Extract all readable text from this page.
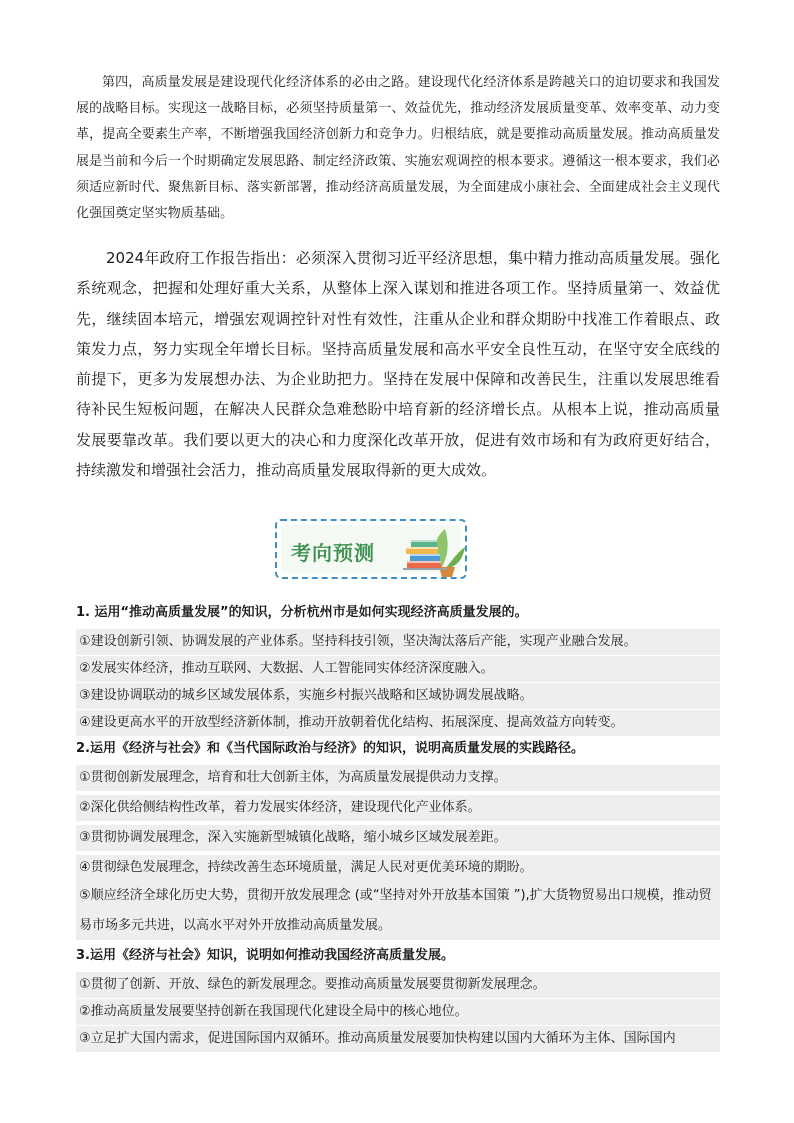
第四，高质量发展是建设现代化经济体系的必由之路。建设现代化经济体系是跨越关口的迫切要求和我国发展的战略目标。实现这一战略目标，必须坚持质量第一、效益优先，推动经济发展质量变革、效率变革、动力变革，提高全要素生产率，不断增强我国经济创新力和竞争力。归根结底，就是要推动高质量发展。推动高质量发展是当前和今后一个时期确定发展思路、制定经济政策、实施宏观调控的根本要求。遵循这一根本要求，我们必须适应新时代、聚焦新目标、落实新部署，推动经济高质量发展，为全面建成小康社会、全面建成社会主义现代化强国奠定坚实物质基础。

2024年政府工作报告指出：必须深入贯彻习近平经济思想，集中精力推动高质量发展。强化系统观念，把握和处理好重大关系，从整体上深入谋划和推进各项工作。坚持质量第一、效益优先，继续固本培元，增强宏观调控针对性有效性，注重从企业和群众期盼中找准工作着眼点、政策发力点，努力实现全年增长目标。坚持高质量发展和高水平安全良性互动，在坚守安全底线的前提下，更多为发展想办法、为企业助把力。坚持在发展中保障和改善民生，注重以发展思维看待补民生短板问题，在解决人民群众急难愁盼中培育新的经济增长点。从根本上说，推动高质量发展要靠改革。我们要以更大的决心和力度深化改革开放，促进有效市场和有为政府更好结合，持续激发和增强社会活力，推动高质量发展取得新的更大成效。

考向预测
1. 运用“推动高质量发展”的知识，分析杭州市是如何实现经济高质量发展的。
①建设创新引领、协调发展的产业体系。坚持科技引领，坚决淘汰落后产能，实现产业融合发展。
②发展实体经济，推动互联网、大数据、人工智能同实体经济深度融入。
③建设协调联动的城乡区域发展体系，实施乡村振兴战略和区域协调发展战略。
④建设更高水平的开放型经济新体制，推动开放朝着优化结构、拓展深度、提高效益方向转变。
2.运用《经济与社会》和《当代国际政治与经济》的知识，说明高质量发展的实践路径。
①贯彻创新发展理念，培育和壮大创新主体，为高质量发展提供动力支撑。
②深化供给侧结构性改革，着力发展实体经济，建设现代化产业体系。
③贯彻协调发展理念，深入实施新型城镇化战略，缩小城乡区域发展差距。
④贯彻绿色发展理念，持续改善生态环境质量，满足人民对更优美环境的期盼。
⑤顺应经济全球化历史大势，贯彻开放发展理念 (或“坚持对外开放基本国策 ”),扩大货物贸易出口规模，推动贸易市场多元共进，以高水平对外开放推动高质量发展。
3.运用《经济与社会》知识，说明如何推动我国经济高质量发展。
①贯彻了创新、开放、绿色的新发展理念。要推动高质量发展要贯彻新发展理念。
②推动高质量发展要坚持创新在我国现代化建设全局中的核心地位。
③立足扩大国内需求，促进国际国内双循环。推动高质量发展要加快构建以国内大循环为主体、国际国内
